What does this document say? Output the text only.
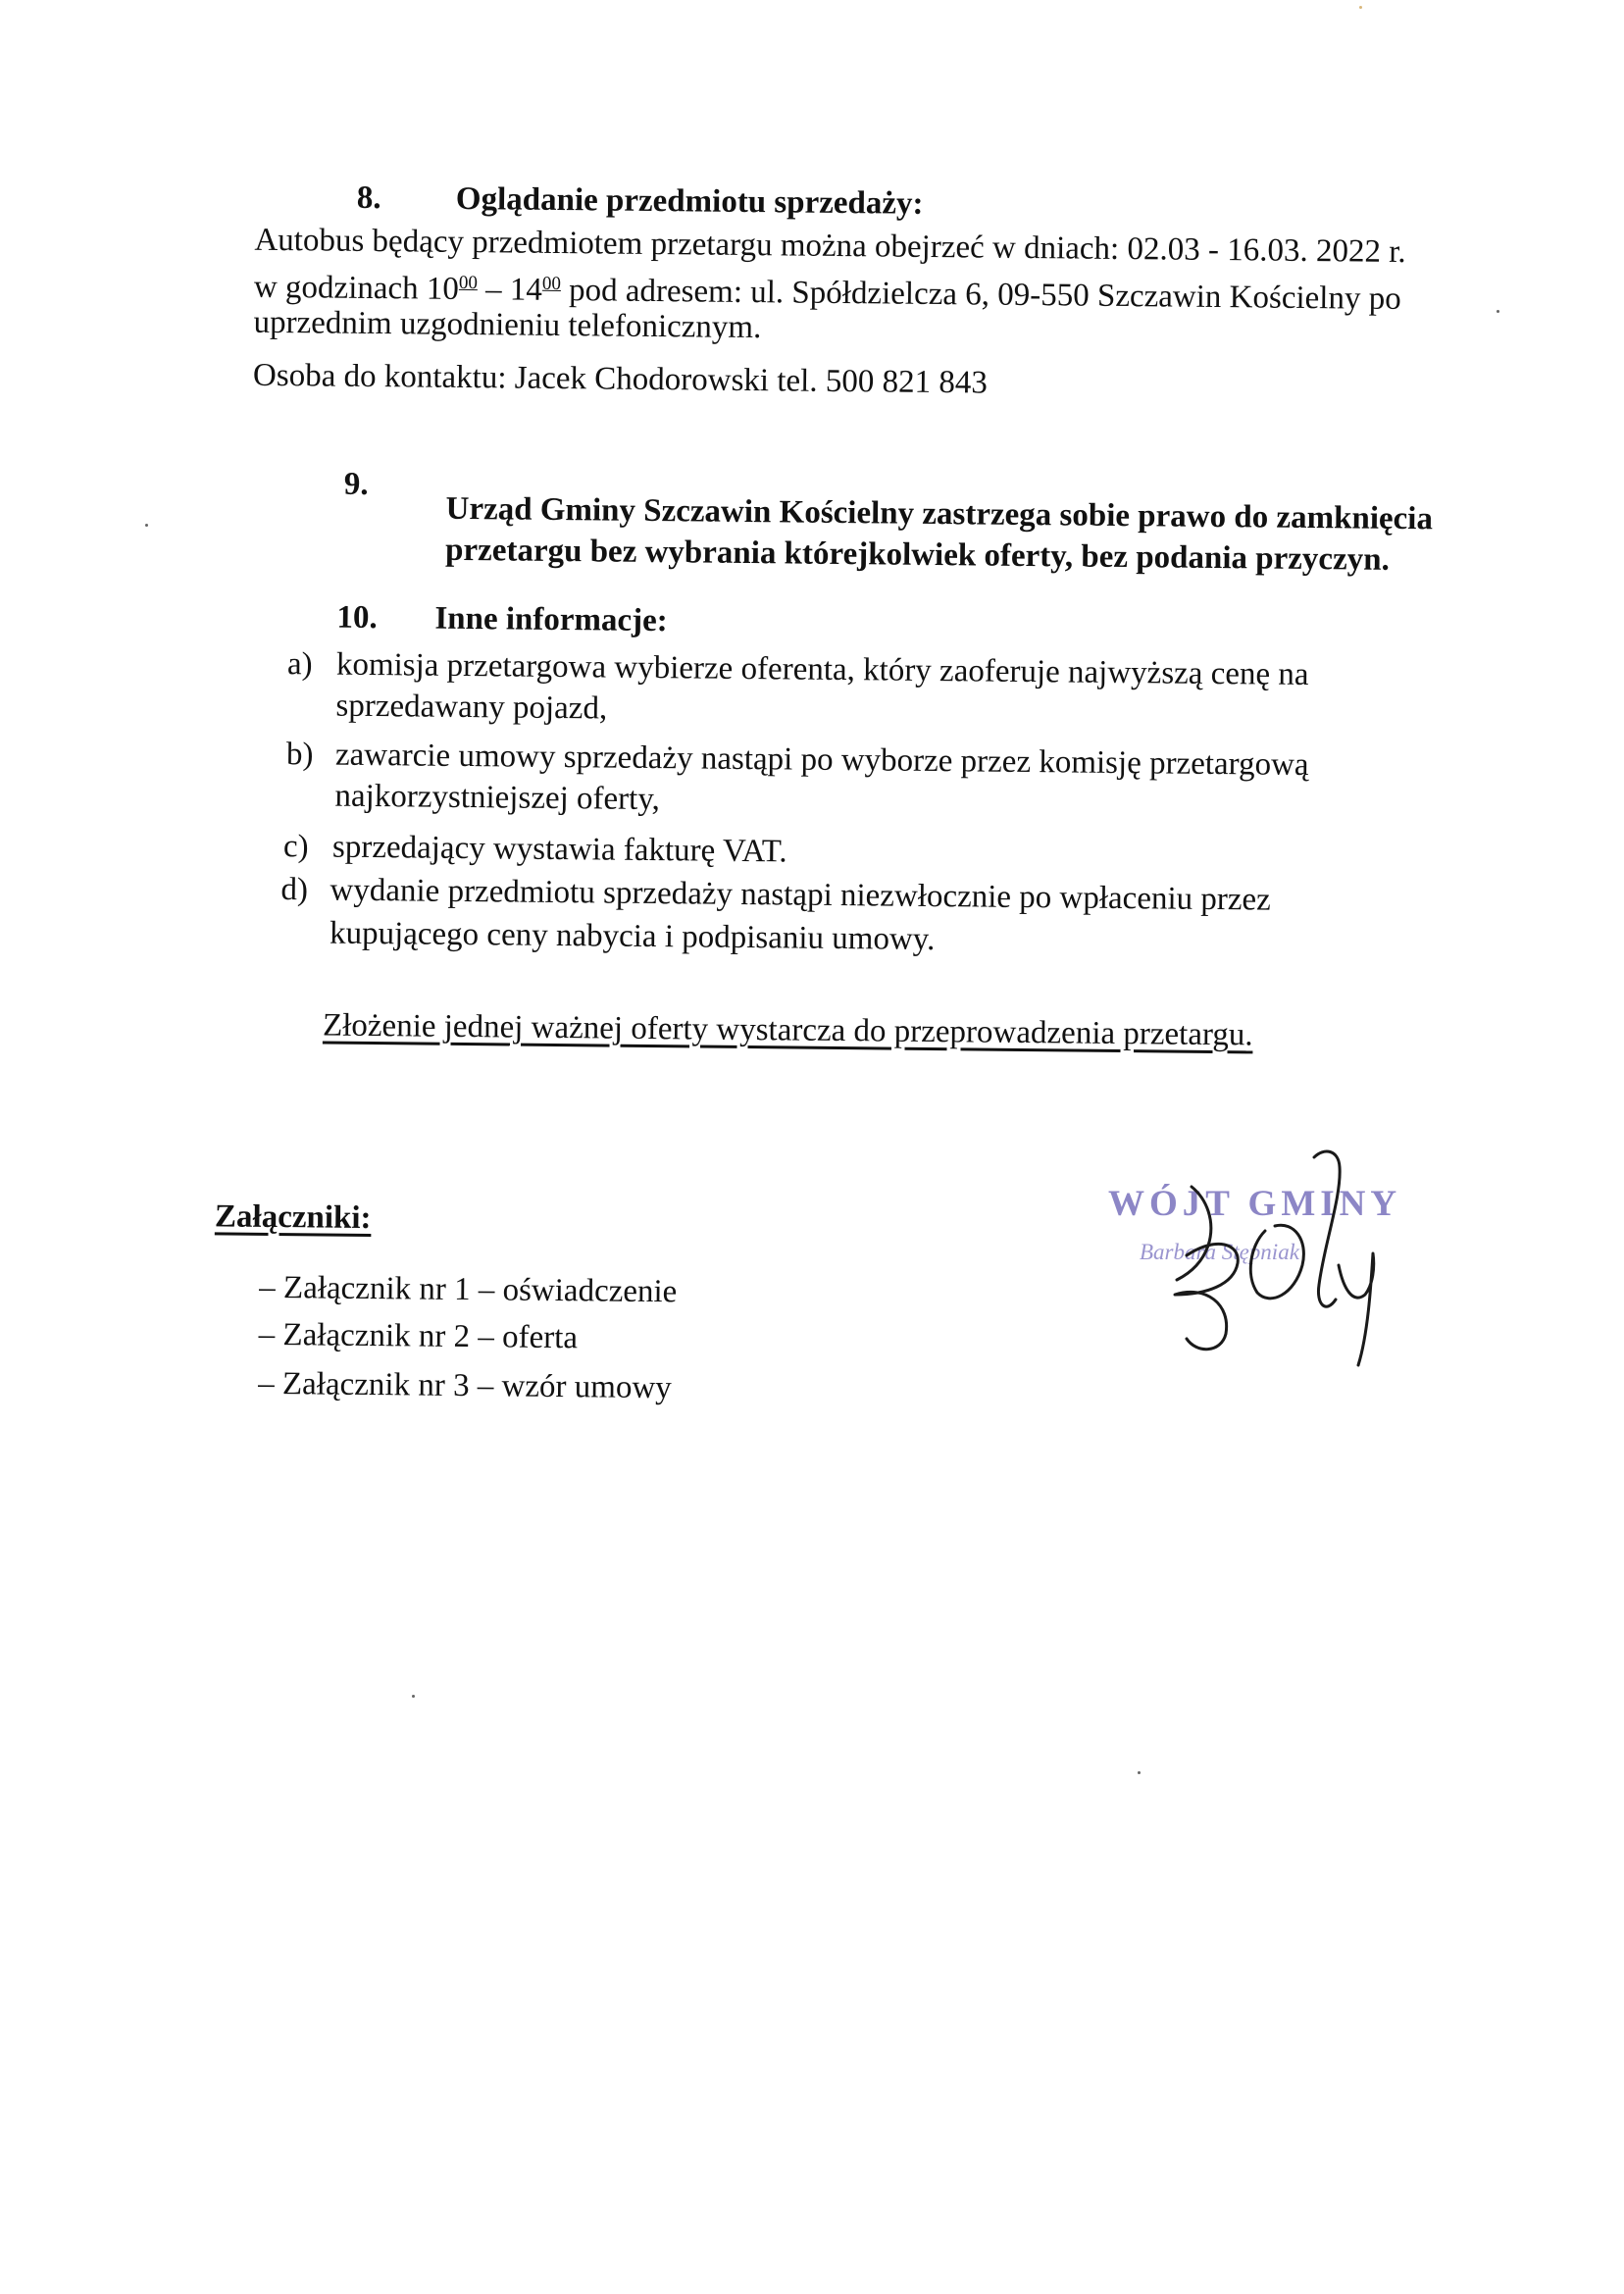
8. Oglądanie przedmiotu sprzedaży:
Autobus będący przedmiotem przetargu można obejrzeć w dniach: 02.03 - 16.03. 2022 r.
w godzinach $10^{00} - 14^{00}$ pod adresem: ul. Spółdzielcza 6, 09-550 Szczawin Kościelny po
uprzednim uzgodnieniu telefonicznym.
Osoba do kontaktu: Jacek Chodorowski tel. 500 821 843
9.
Urząd Gminy Szczawin Kościelny zastrzega sobie prawo do zamknięcia
przetargu bez wybrania którejkolwiek oferty, bez podania przyczyn.
10. Inne informacje:
a) komisja przetargowa wybierze oferenta, który zaoferuje najwyższą cenę na
sprzedawany pojazd,
b) zawarcie umowy sprzedaży nastąpi po wyborze przez komisję przetargową
najkorzystniejszej oferty,
c) sprzedający wystawia fakturę VAT.
d) wydanie przedmiotu sprzedaży nastąpi niezwłocznie po wpłaceniu przez
kupującego ceny nabycia i podpisaniu umowy.
Złożenie jednej ważnej oferty wystarcza do przeprowadzenia przetargu.
Załączniki:
– Załącznik nr 1 – oświadczenie
– Załącznik nr 2 – oferta
– Załącznik nr 3 – wzór umowy
WÓJT GMINY
Barbara Stępniak
